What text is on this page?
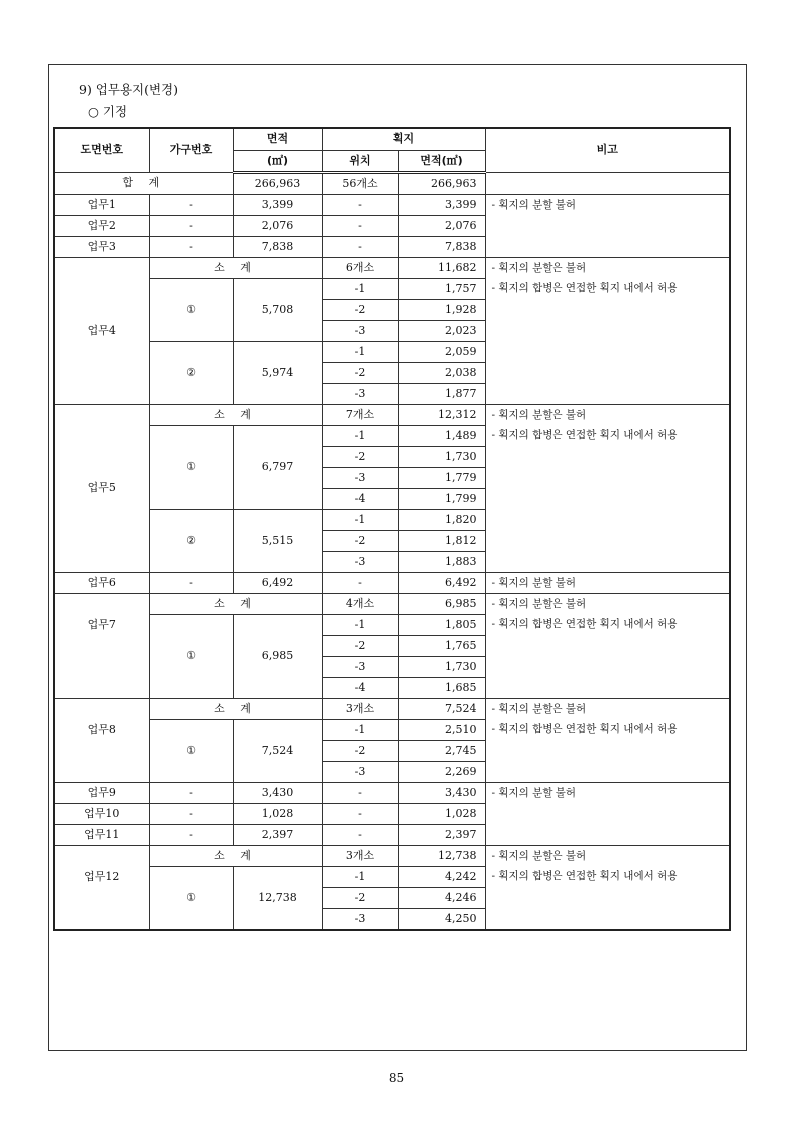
9) 업무용지(변경)
○ 기정
도면번호	가구번호	면적	획지		비고
		(㎡)	위치	면적(㎡)	
합 계		266,963	56개소	266,963	
업무1	-	3,399	-	3,399	- 획지의 분할 불허

업무2	-	2,076	-	2,076	
업무3	-	7,838	-	7,838	
업무4	소 계		6개소	11,682	- 획지의 분할은 불허
- 획지의 합병은 연접한 획지 내에서 허용

	①	5,708	-1	1,757	
			-2	1,928	
			-3	2,023	
	②	5,974	-1	2,059	
			-2	2,038	
			-3	1,877	
업무5	소 계		7개소	12,312	- 획지의 분할은 불허
- 획지의 합병은 연접한 획지 내에서 허용

	①	6,797	-1	1,489	
			-2	1,730	
			-3	1,779	
			-4	1,799	
	②	5,515	-1	1,820	
			-2	1,812	
			-3	1,883	
업무6	-	6,492	-	6,492	- 획지의 분할 불허

업무7	소 계		4개소	6,985	- 획지의 분할은 불허
- 획지의 합병은 연접한 획지 내에서 허용

	①	6,985	-1	1,805	
			-2	1,765	
			-3	1,730	
			-4	1,685	
업무8	소 계		3개소	7,524	- 획지의 분할은 불허
- 획지의 합병은 연접한 획지 내에서 허용

	①	7,524	-1	2,510	
			-2	2,745	
			-3	2,269	
업무9	-	3,430	-	3,430	- 획지의 분할 불허

업무10	-	1,028	-	1,028	
업무11	-	2,397	-	2,397	
업무12	소 계		3개소	12,738	- 획지의 분할은 불허
- 획지의 합병은 연접한 획지 내에서 허용

	①	12,738	-1	4,242	
			-2	4,246	
			-3	4,250	
85
